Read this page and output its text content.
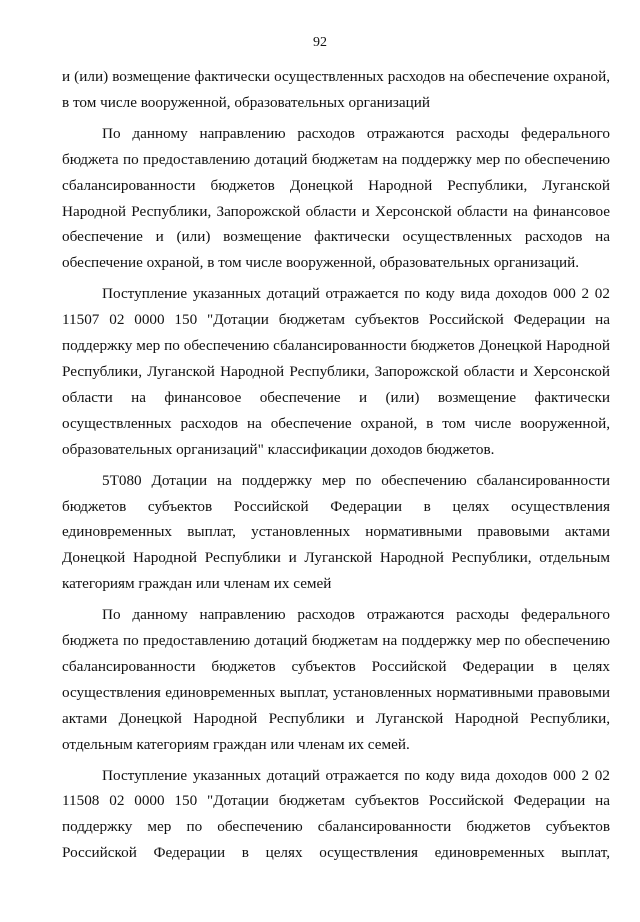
92

и (или) возмещение фактически осуществленных расходов на обеспечение охраной, в том числе вооруженной, образовательных организаций

По данному направлению расходов отражаются расходы федерального бюджета по предоставлению дотаций бюджетам на поддержку мер по обеспечению сбалансированности бюджетов Донецкой Народной Республики, Луганской Народной Республики, Запорожской области и Херсонской области на финансовое обеспечение и (или) возмещение фактически осуществленных расходов на обеспечение охраной, в том числе вооруженной, образовательных организаций.

Поступление указанных дотаций отражается по коду вида доходов 000 2 02 11507 02 0000 150 "Дотации бюджетам субъектов Российской Федерации на поддержку мер по обеспечению сбалансированности бюджетов Донецкой Народной Республики, Луганской Народной Республики, Запорожской области и Херсонской области на финансовое обеспечение и (или) возмещение фактически осуществленных расходов на обеспечение охраной, в том числе вооруженной, образовательных организаций" классификации доходов бюджетов.

5Т080 Дотации на поддержку мер по обеспечению сбалансированности бюджетов субъектов Российской Федерации в целях осуществления единовременных выплат, установленных нормативными правовыми актами Донецкой Народной Республики и Луганской Народной Республики, отдельным категориям граждан или членам их семей

По данному направлению расходов отражаются расходы федерального бюджета по предоставлению дотаций бюджетам на поддержку мер по обеспечению сбалансированности бюджетов субъектов Российской Федерации в целях осуществления единовременных выплат, установленных нормативными правовыми актами Донецкой Народной Республики и Луганской Народной Республики, отдельным категориям граждан или членам их семей.

Поступление указанных дотаций отражается по коду вида доходов 000 2 02 11508 02 0000 150 "Дотации бюджетам субъектов Российской Федерации на поддержку мер по обеспечению сбалансированности бюджетов субъектов Российской Федерации в целях осуществления единовременных выплат,
